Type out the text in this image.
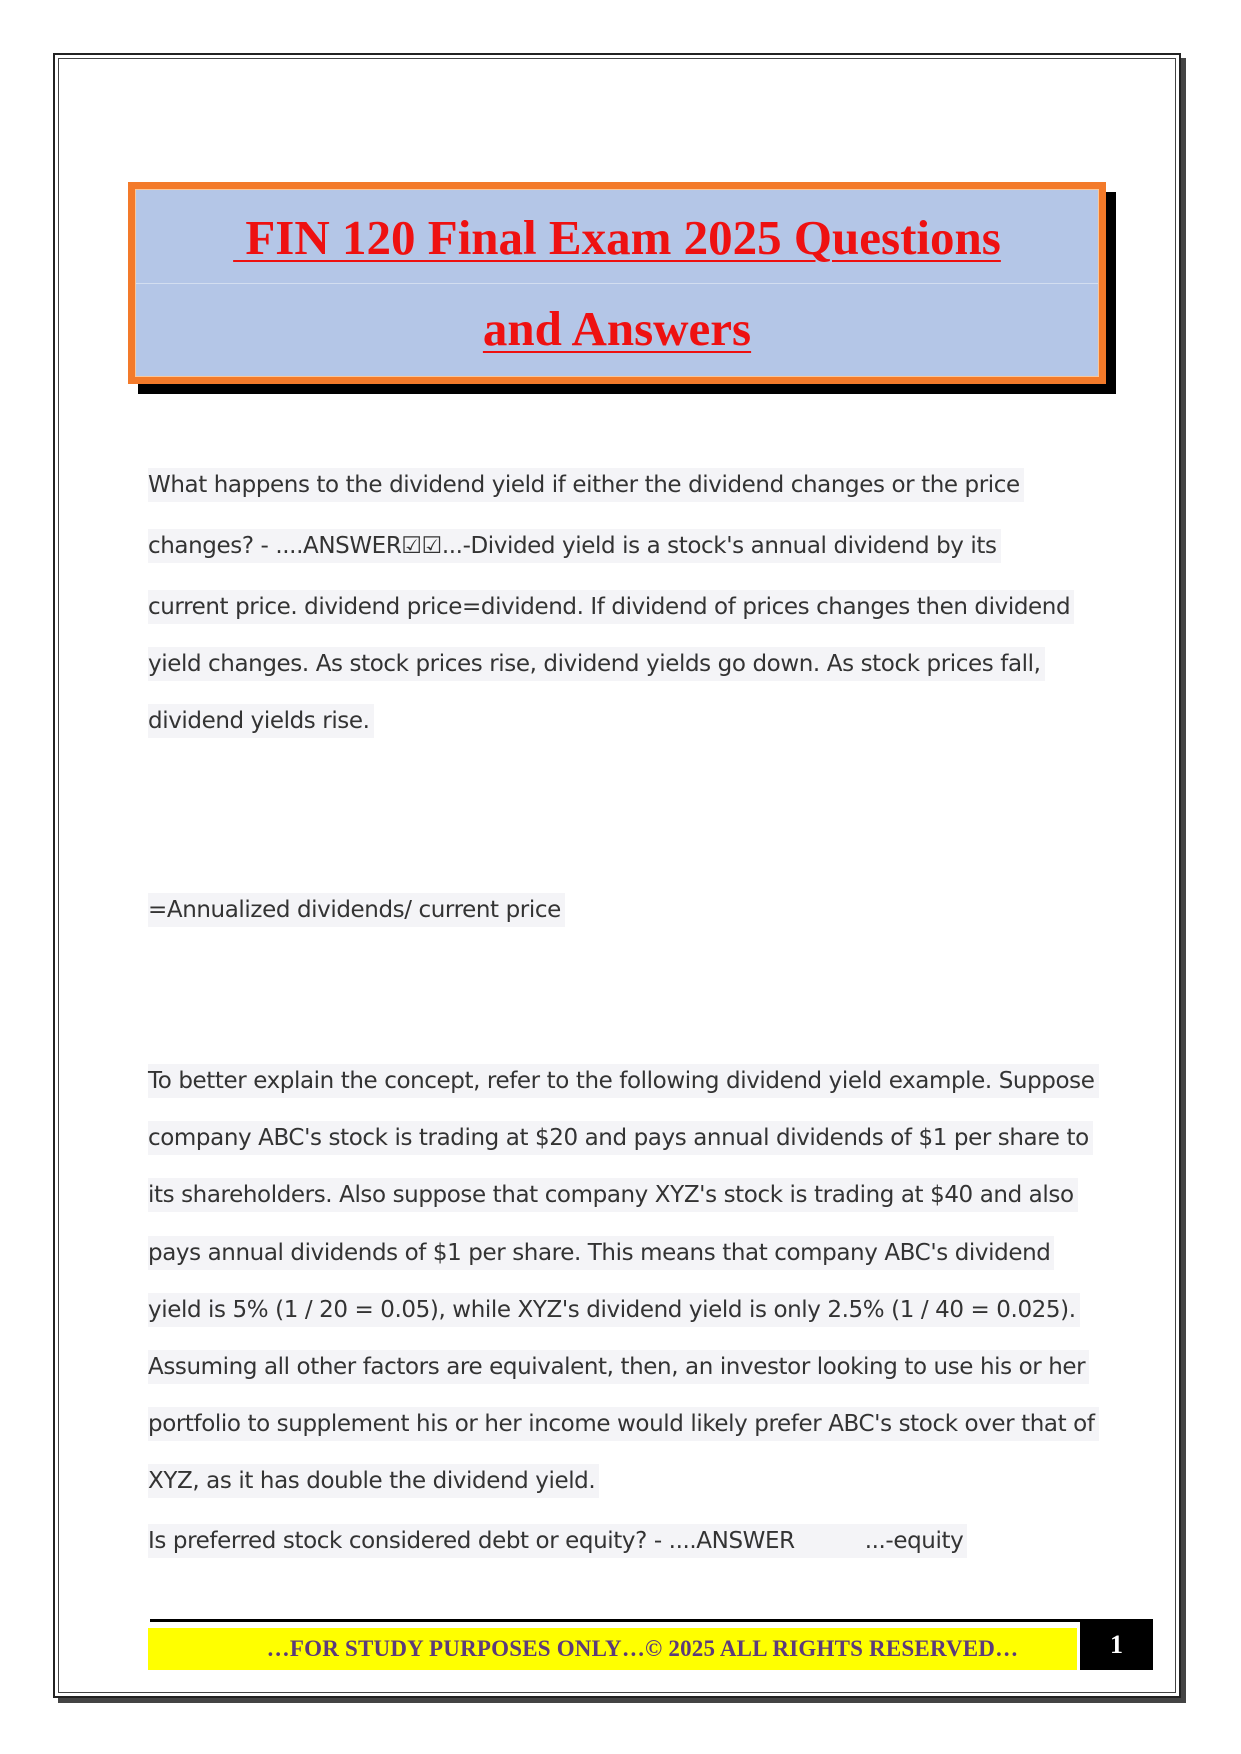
FIN 120 Final Exam 2025 Questions
and Answers
What happens to the dividend yield if either the dividend changes or the price
changes? - ....ANSWER☑☑...-Divided yield is a stock's annual dividend by its
current price. dividend price=dividend. If dividend of prices changes then dividend
yield changes. As stock prices rise, dividend yields go down. As stock prices fall,
dividend yields rise.
=Annualized dividends/ current price
To better explain the concept, refer to the following dividend yield example. Suppose
company ABC's stock is trading at $20 and pays annual dividends of $1 per share to
its shareholders. Also suppose that company XYZ's stock is trading at $40 and also
pays annual dividends of $1 per share. This means that company ABC's dividend
yield is 5% (1 / 20 = 0.05), while XYZ's dividend yield is only 2.5% (1 / 40 = 0.025).
Assuming all other factors are equivalent, then, an investor looking to use his or her
portfolio to supplement his or her income would likely prefer ABC's stock over that of
XYZ, as it has double the dividend yield.
Is preferred stock considered debt or equity? - ....ANSWER	...-equity
…FOR STUDY PURPOSES ONLY…© 2025 ALL RIGHTS RESERVED…	1
